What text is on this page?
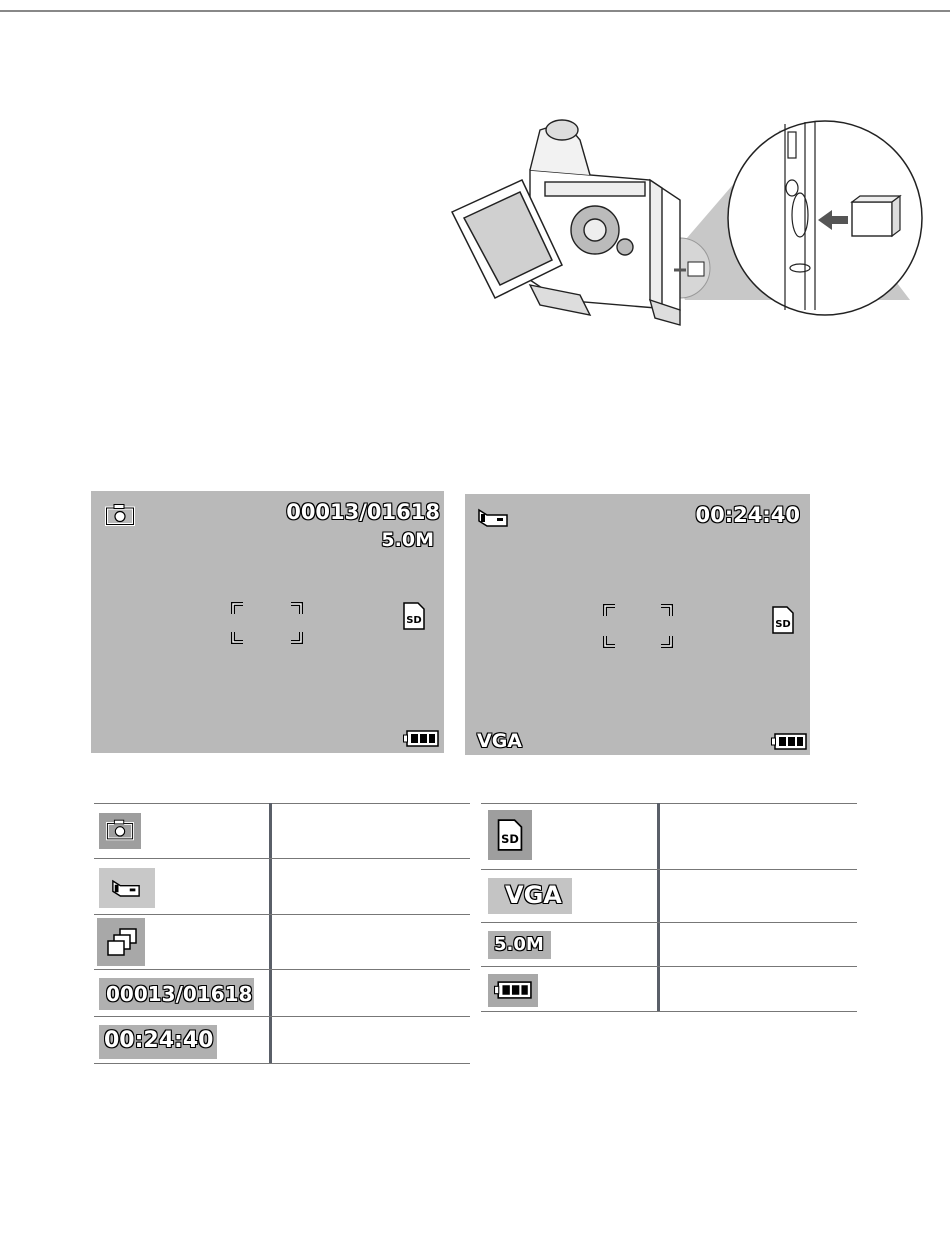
00013/01618
5.0M
SD
00:24:40
SD
VGA
00013/01618
00:24:40
SD
VGA
5.0M
